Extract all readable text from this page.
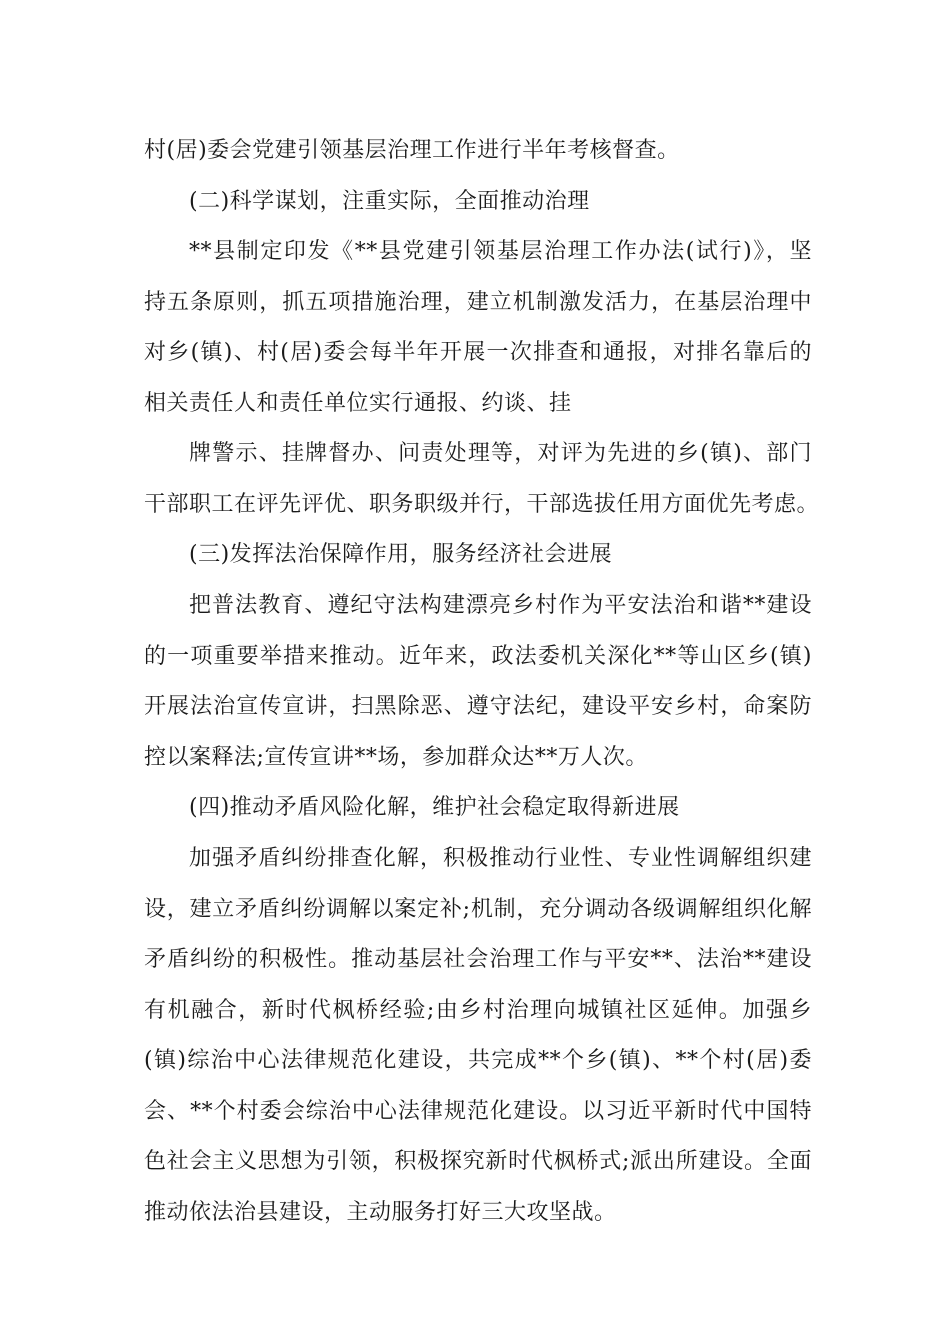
村(居)委会党建引领基层治理工作进行半年考核督查。
(二)科学谋划，注重实际，全面推动治理
**县制定印发《**县党建引领基层治理工作办法(试行)》，坚
持五条原则，抓五项措施治理，建立机制激发活力，在基层治理中
对乡(镇)、村(居)委会每半年开展一次排查和通报，对排名靠后的
相关责任人和责任单位实行通报、约谈、挂
牌警示、挂牌督办、问责处理等，对评为先进的乡(镇)、部门
干部职工在评先评优、职务职级并行，干部选拔任用方面优先考虑。
(三)发挥法治保障作用，服务经济社会进展
把普法教育、遵纪守法构建漂亮乡村作为平安法治和谐**建设
的一项重要举措来推动。近年来，政法委机关深化**等山区乡(镇)
开展法治宣传宣讲，扫黑除恶、遵守法纪，建设平安乡村，命案防
控以案释法;宣传宣讲**场，参加群众达**万人次。
(四)推动矛盾风险化解，维护社会稳定取得新进展
加强矛盾纠纷排查化解，积极推动行业性、专业性调解组织建
设，建立矛盾纠纷调解以案定补;机制，充分调动各级调解组织化解
矛盾纠纷的积极性。推动基层社会治理工作与平安**、法治**建设
有机融合，新时代枫桥经验;由乡村治理向城镇社区延伸。加强乡
(镇)综治中心法律规范化建设，共完成**个乡(镇)、**个村(居)委
会、**个村委会综治中心法律规范化建设。以习近平新时代中国特
色社会主义思想为引领，积极探究新时代枫桥式;派出所建设。全面
推动依法治县建设，主动服务打好三大攻坚战。
